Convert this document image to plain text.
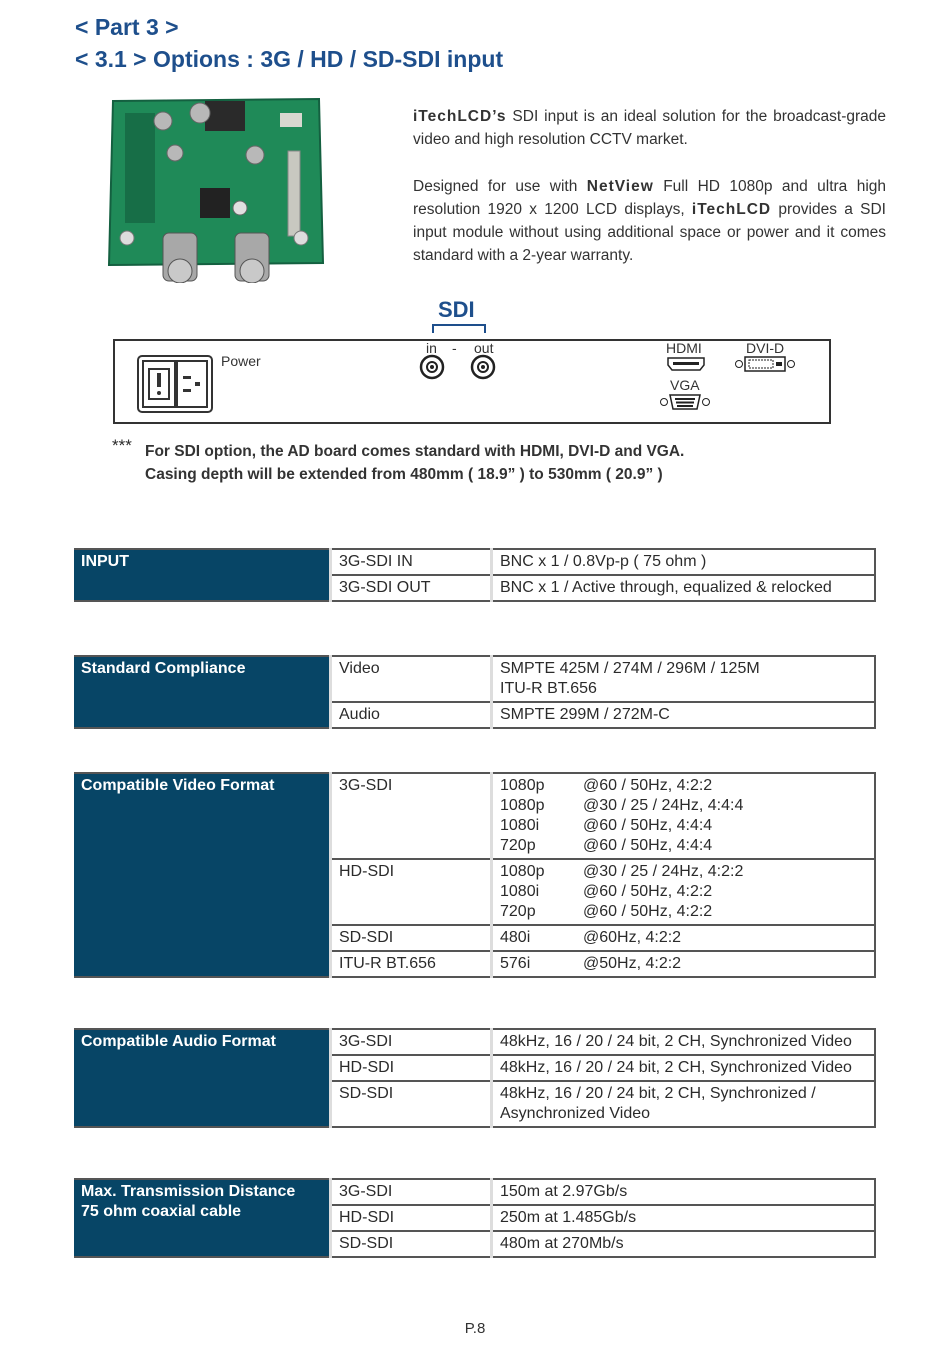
< Part 3 >
< 3.1 > Options : 3G / HD / SD-SDI input

iTechLCD’s SDI input is an ideal solution for the broadcast-grade video and high resolution CCTV market.

Designed for use with NetView Full HD 1080p and ultra high resolution 1920 x 1200 LCD displays, iTechLCD provides a SDI input module without using additional space or power and it comes standard with a 2-year warranty.

SDI
Power
in - out	HDMI	DVI-D
VGA
*** For SDI option, the AD board comes standard with HDMI, DVI-D and VGA.
Casing depth will be extended from 480mm ( 18.9” ) to 530mm ( 20.9” )
INPUT	3G-SDI IN	BNC x 1 / 0.8Vp-p ( 75 ohm )
	3G-SDI OUT	BNC x 1 / Active through, equalized & relocked
Standard Compliance	Video	SMPTE 425M / 274M / 296M / 125M
ITU-R BT.656

	Audio	SMPTE 299M / 272M-C
Compatible Video Format	3G-SDI	1080p @60 / 50Hz, 4:2:2
1080p @30 / 25 / 24Hz, 4:4:4
1080i @60 / 50Hz, 4:4:4
720p @60 / 50Hz, 4:4:4

	HD-SDI	1080p @30 / 25 / 24Hz, 4:2:2
1080i @60 / 50Hz, 4:2:2
720p @60 / 50Hz, 4:2:2

	SD-SDI	480i @60Hz, 4:2:2

	ITU-R BT.656	576i @50Hz, 4:2:2
Compatible Audio Format	3G-SDI	48kHz, 16 / 20 / 24 bit, 2 CH, Synchronized Video
	HD-SDI	48kHz, 16 / 20 / 24 bit, 2 CH, Synchronized Video
	SD-SDI	48kHz, 16 / 20 / 24 bit, 2 CH, Synchronized /
Asynchronized Video
Max. Transmission Distance
75 ohm coaxial cable	3G-SDI	150m at 2.97Gb/s
	HD-SDI	250m at 1.485Gb/s
	SD-SDI	480m at 270Mb/s
P.8
